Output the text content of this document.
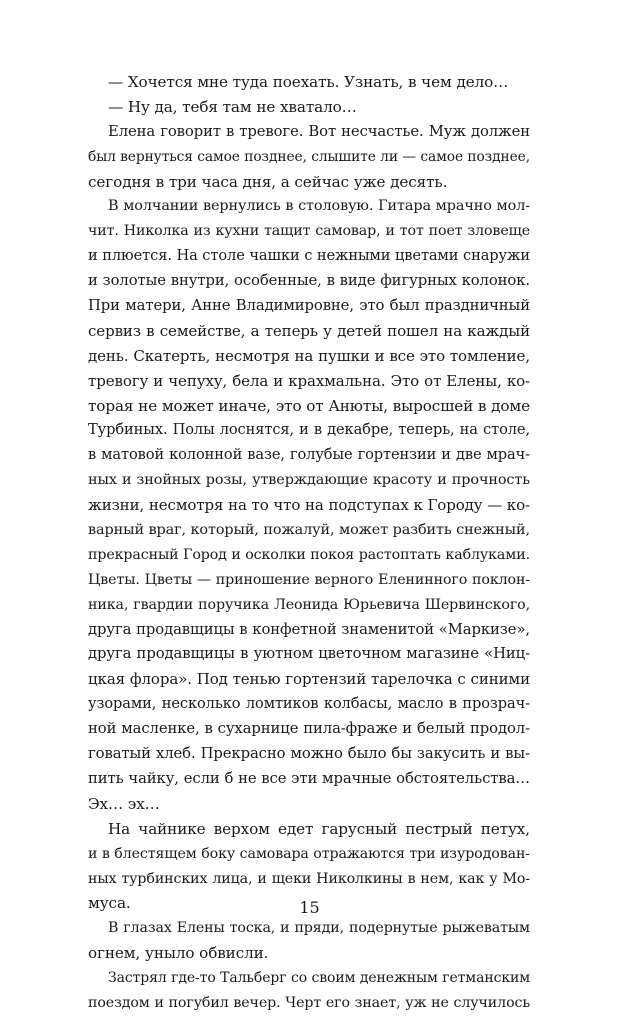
— Хочется мне туда поехать. Узнать, в чем дело…
— Ну да, тебя там не хватало…
Елена говорит в тревоге. Вот несчастье. Муж должен
был вернуться самое позднее, слышите ли — самое позднее,
сегодня в три часа дня, а сейчас уже десять.
В молчании вернулись в столовую. Гитара мрачно мол-
чит. Николка из кухни тащит самовар, и тот поет зловеще
и плюется. На столе чашки с нежными цветами снаружи
и золотые внутри, особенные, в виде фигурных колонок.
При матери, Анне Владимировне, это был праздничный
сервиз в семействе, а теперь у детей пошел на каждый
день. Скатерть, несмотря на пушки и все это томление,
тревогу и чепуху, бела и крахмальна. Это от Елены, ко-
торая не может иначе, это от Анюты, выросшей в доме
Турбиных. Полы лоснятся, и в декабре, теперь, на столе,
в матовой колонной вазе, голубые гортензии и две мрач-
ных и знойных розы, утверждающие красоту и прочность
жизни, несмотря на то что на подступах к Городу — ко-
варный враг, который, пожалуй, может разбить снежный,
прекрасный Город и осколки покоя растоптать каблуками.
Цветы. Цветы — приношение верного Еленинного поклон-
ника, гвардии поручика Леонида Юрьевича Шервинского,
друга продавщицы в конфетной знаменитой «Маркизе»,
друга продавщицы в уютном цветочном магазине «Ниц-
цкая флора». Под тенью гортензий тарелочка с синими
узорами, несколько ломтиков колбасы, масло в прозрач-
ной масленке, в сухарнице пила-фраже и белый продол-
говатый хлеб. Прекрасно можно было бы закусить и вы-
пить чайку, если б не все эти мрачные обстоятельства…
Эх… эх…
На чайнике верхом едет гарусный пестрый петух,
и в блестящем боку самовара отражаются три изуродован-
ных турбинских лица, и щеки Николкины в нем, как у Мо-
муса.
В глазах Елены тоска, и пряди, подернутые рыжеватым
огнем, уныло обвисли.
Застрял где-то Тальберг со своим денежным гетманским
поездом и погубил вечер. Черт его знает, уж не случилось
15
